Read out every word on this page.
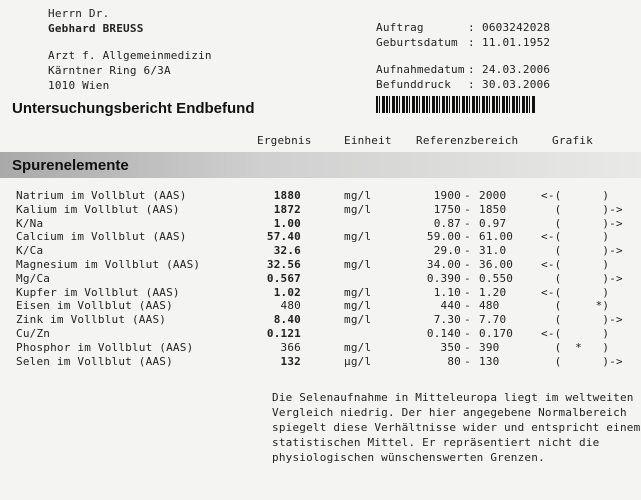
Herrn Dr.
Gebhard BREUSS
Arzt f. Allgemeinmedizin
Kärntner Ring 6/3A
1010 Wien
Auftrag	: 0603242028
Geburtsdatum : 11.01.1952
Aufnahmedatum : 24.03.2006
Befunddruck	: 30.03.2006
Untersuchungsbericht Endbefund
Ergebnis	Einheit Referenzbereich	Grafik
Spurenelemente
Natrium im Vollblut (AAS)	1880	mg/l	1900 - 2000	<-(      )
Kalium im Vollblut (AAS)	1872	mg/l	1750 - 1850	(      )->
K/Na	1.00	0.87 - 0.97	(      )->
Calcium im Vollblut (AAS)	57.40	mg/l	59.00 - 61.00	<-(      )
K/Ca	32.6	29.0 - 31.0	(      )->
Magnesium im Vollblut (AAS)	32.56	mg/l	34.00 - 36.00	<-(      )
Mg/Ca	0.567	0.390 - 0.550	(      )->
Kupfer im Vollblut (AAS)	1.02	mg/l	1.10 - 1.20	<-(      )
Eisen im Vollblut (AAS)	480	mg/l	440 - 480	(     *)
Zink im Vollblut (AAS)	8.40	mg/l	7.30 - 7.70	(      )->
Cu/Zn	0.121	0.140 - 0.170	<-(      )
Phosphor im Vollblut (AAS)	366	mg/l	350 - 390	(  *   )
Selen im Vollblut (AAS)	132	µg/l	80 - 130	(      )->
Die Selenaufnahme in Mitteleuropa liegt im weltweiten
Vergleich niedrig. Der hier angegebene Normalbereich
spiegelt diese Verhältnisse wider und entspricht einem
statistischen Mittel. Er repräsentiert nicht die
physiologischen wünschenswerten Grenzen.
